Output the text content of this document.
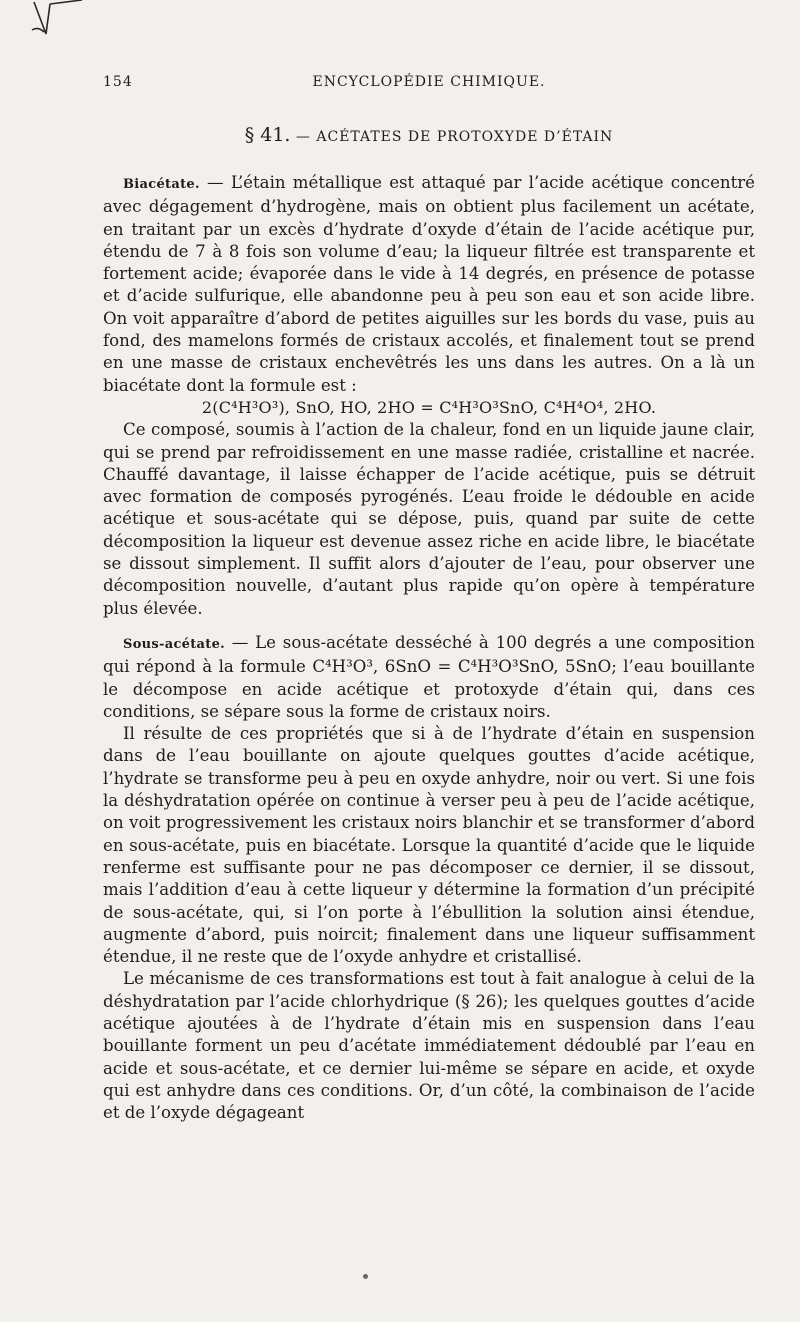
154	ENCYCLOPÉDIE CHIMIQUE.
§ 41. — ACÉTATES DE PROTOXYDE D’ÉTAIN

Biacétate. — L’étain métallique est attaqué par l’acide acétique concentré avec dégagement d’hydrogène, mais on obtient plus facilement un acétate, en traitant par un excès d’hydrate d’oxyde d’étain de l’acide acétique pur, étendu de 7 à 8 fois son volume d’eau; la liqueur filtrée est transparente et fortement acide; évaporée dans le vide à 14 degrés, en présence de potasse et d’acide sulfurique, elle abandonne peu à peu son eau et son acide libre. On voit apparaître d’abord de petites aiguilles sur les bords du vase, puis au fond, des mamelons formés de cristaux accolés, et finalement tout se prend en une masse de cristaux enchevêtrés les uns dans les autres. On a là un biacétate dont la formule est :

2(C⁴H³O³), SnO, HO, 2HO = C⁴H³O³SnO, C⁴H⁴O⁴, 2HO.

Ce composé, soumis à l’action de la chaleur, fond en un liquide jaune clair, qui se prend par refroidissement en une masse radiée, cristalline et nacrée. Chauffé davantage, il laisse échapper de l’acide acétique, puis se détruit avec formation de composés pyrogénés. L’eau froide le dédouble en acide acétique et sous-acétate qui se dépose, puis, quand par suite de cette décomposition la liqueur est devenue assez riche en acide libre, le biacétate se dissout simplement. Il suffit alors d’ajouter de l’eau, pour observer une décomposition nouvelle, d’autant plus rapide qu’on opère à température plus élevée.

Sous-acétate. — Le sous-acétate desséché à 100 degrés a une composition qui répond à la formule C⁴H³O³, 6SnO = C⁴H³O³SnO, 5SnO; l’eau bouillante le décompose en acide acétique et protoxyde d’étain qui, dans ces conditions, se sépare sous la forme de cristaux noirs.

Il résulte de ces propriétés que si à de l’hydrate d’étain en suspension dans de l’eau bouillante on ajoute quelques gouttes d’acide acétique, l’hydrate se transforme peu à peu en oxyde anhydre, noir ou vert. Si une fois la déshydratation opérée on continue à verser peu à peu de l’acide acétique, on voit progressivement les cristaux noirs blanchir et se transformer d’abord en sous-acétate, puis en biacétate. Lorsque la quantité d’acide que le liquide renferme est suffisante pour ne pas décomposer ce dernier, il se dissout, mais l’addition d’eau à cette liqueur y détermine la formation d’un précipité de sous-acétate, qui, si l’on porte à l’ébullition la solution ainsi étendue, augmente d’abord, puis noircit; finalement dans une liqueur suffisamment étendue, il ne reste que de l’oxyde anhydre et cristallisé.

Le mécanisme de ces transformations est tout à fait analogue à celui de la déshydratation par l’acide chlorhydrique (§ 26); les quelques gouttes d’acide acétique ajoutées à de l’hydrate d’étain mis en suspension dans l’eau bouillante forment un peu d’acétate immédiatement dédoublé par l’eau en acide et sous-acétate, et ce dernier lui-même se sépare en acide, et oxyde qui est anhydre dans ces conditions. Or, d’un côté, la combinaison de l’acide et de l’oxyde dégageant
